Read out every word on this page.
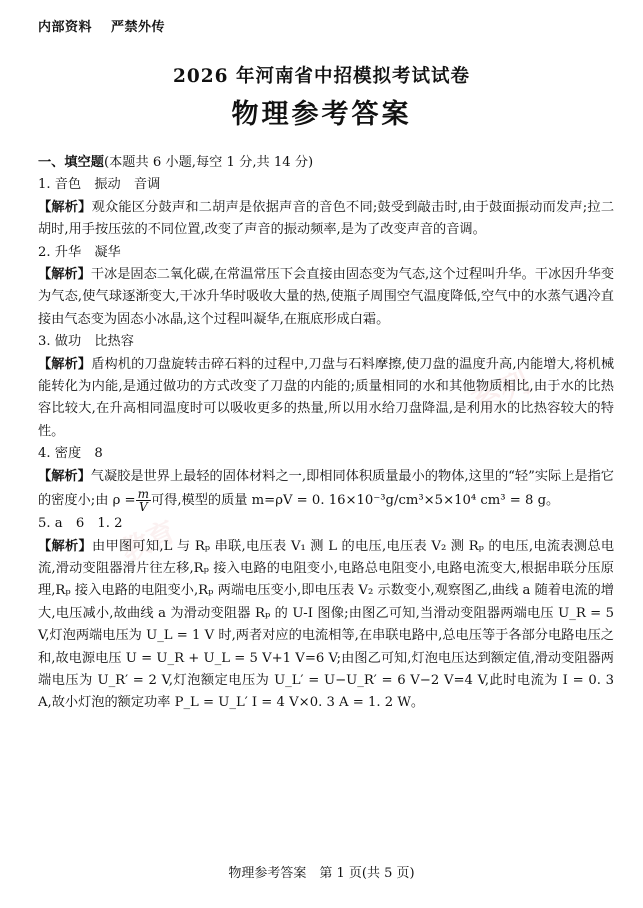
内部资料 严禁外传
2026 年河南省中招模拟考试试卷
物理参考答案
系列
教育
一、填空题(本题共 6 小题,每空 1 分,共 14 分)
1. 音色　振动　音调

【解析】观众能区分鼓声和二胡声是依据声音的音色不同;鼓受到敲击时,由于鼓面振动而发声;拉二胡时,用手按压弦的不同位置,改变了声音的振动频率,是为了改变声音的音调。

2. 升华　凝华

【解析】干冰是固态二氧化碳,在常温常压下会直接由固态变为气态,这个过程叫升华。干冰因升华变为气态,使气球逐渐变大,干冰升华时吸收大量的热,使瓶子周围空气温度降低,空气中的水蒸气遇冷直接由气态变为固态小冰晶,这个过程叫凝华,在瓶底形成白霜。

3. 做功　比热容

【解析】盾构机的刀盘旋转击碎石料的过程中,刀盘与石料摩擦,使刀盘的温度升高,内能增大,将机械能转化为内能,是通过做功的方式改变了刀盘的内能的;质量相同的水和其他物质相比,由于水的比热容比较大,在升高相同温度时可以吸收更多的热量,所以用水给刀盘降温,是利用水的比热容较大的特性。

4. 密度　8

【解析】气凝胶是世界上最轻的固体材料之一,即相同体积质量最小的物体,这里的“轻”实际上是指它的密度小;由 $\rho = \frac{m}{V}$ 可得,模型的质量 m=ρV = 0. 16×10⁻³g/cm³×5×10⁴ cm³ = 8 g。

5. a　6　1. 2

【解析】由甲图可知,L 与 Rₚ 串联,电压表 V₁ 测 L 的电压,电压表 V₂ 测 Rₚ 的电压,电流表测总电流,滑动变阻器滑片往左移,Rₚ 接入电路的电阻变小,电路总电阻变小,电路电流变大,根据串联分压原理,Rₚ 接入电路的电阻变小,Rₚ 两端电压变小,即电压表 V₂ 示数变小,观察图乙,曲线 a 随着电流的增大,电压减小,故曲线 a 为滑动变阻器 Rₚ 的 U-I 图像;由图乙可知,当滑动变阻器两端电压 U_R = 5 V,灯泡两端电压为 U_L = 1 V 时,两者对应的电流相等,在串联电路中,总电压等于各部分电路电压之和,故电源电压 U = U_R + U_L = 5 V+1 V=6 V;由图乙可知,灯泡电压达到额定值,滑动变阻器两端电压为 U_R′ = 2 V,灯泡额定电压为 U_L′ = U−U_R′ = 6 V−2 V=4 V,此时电流为 I = 0. 3 A,故小灯泡的额定功率 P_L = U_L′ I = 4 V×0. 3 A = 1. 2 W。

物理参考答案　第 1 页(共 5 页)
